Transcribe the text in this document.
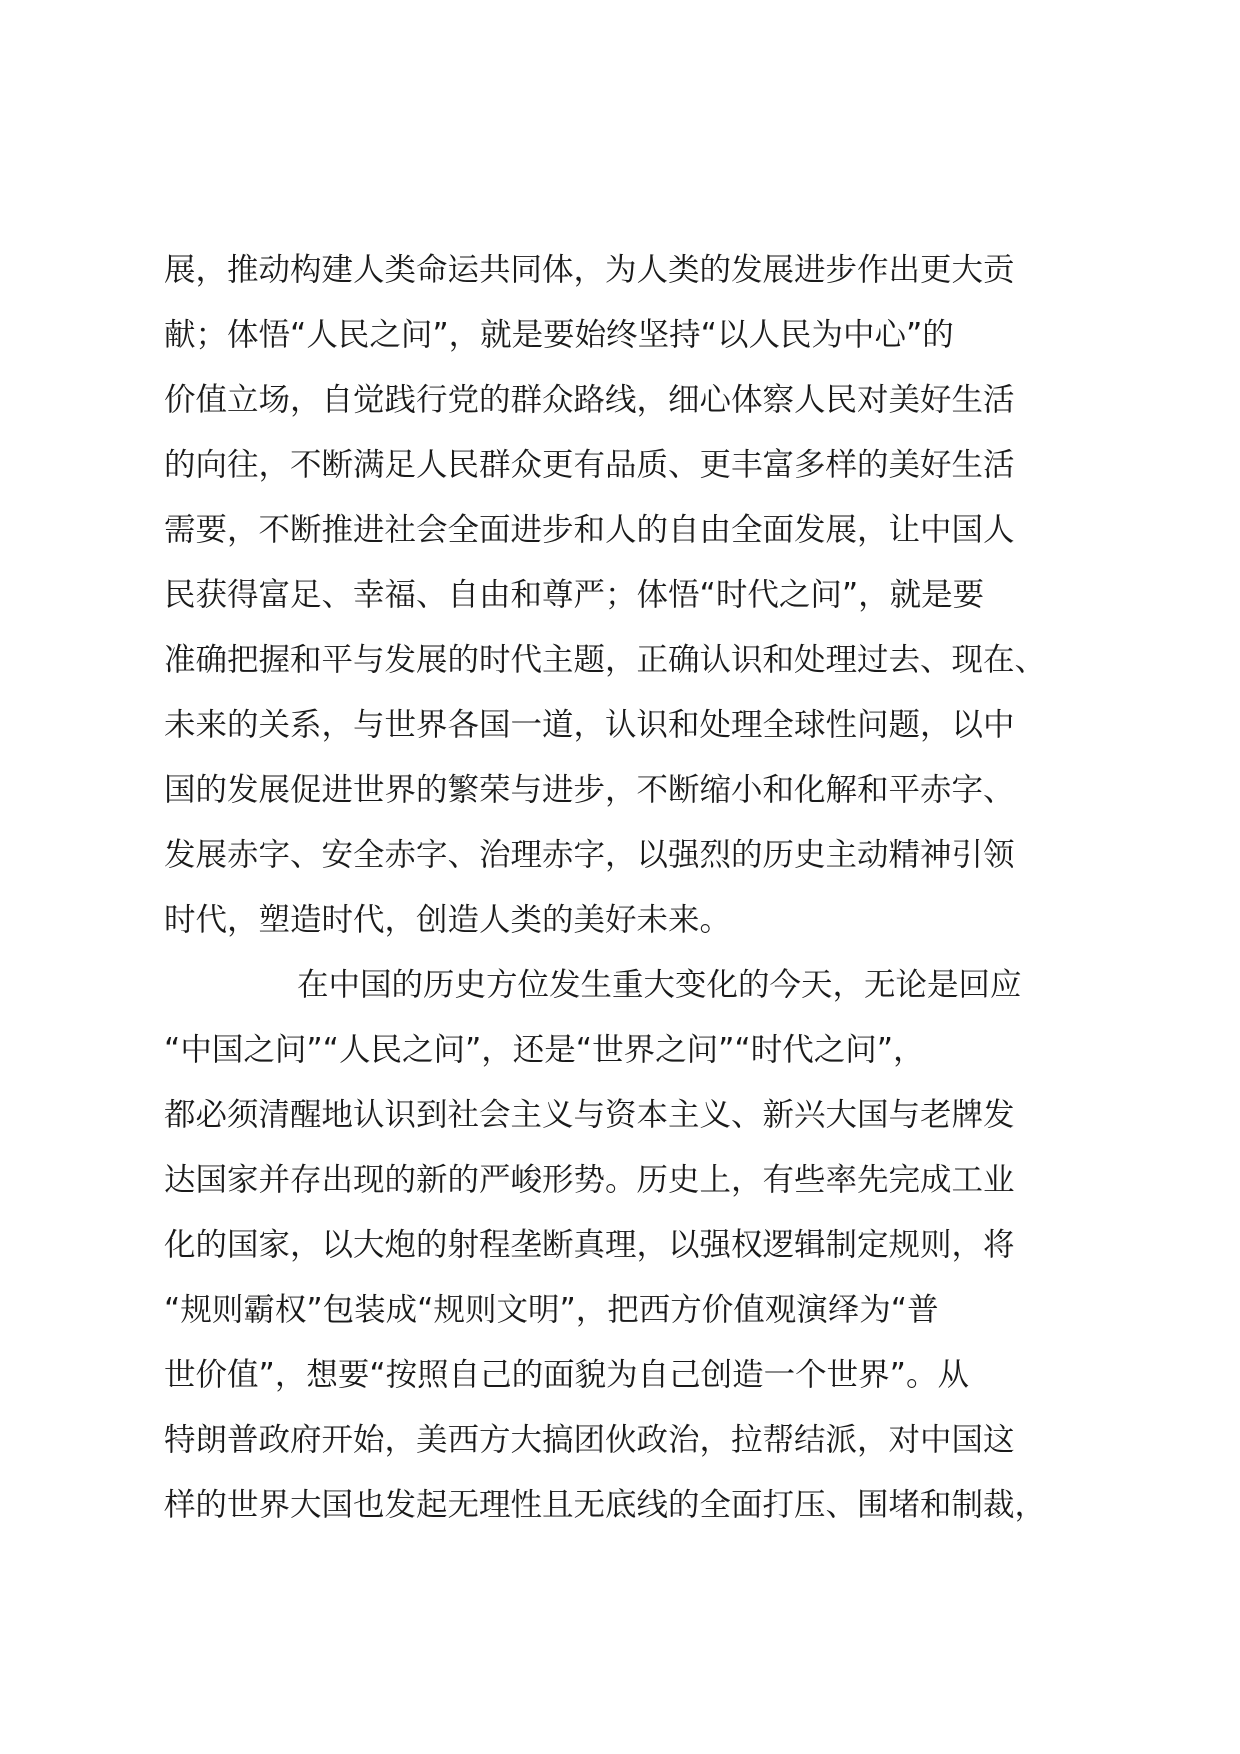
展，推动构建人类命运共同体，为人类的发展进步作出更大贡
献；体悟“人民之问”，就是要始终坚持“以人民为中心”的
价值立场，自觉践行党的群众路线，细心体察人民对美好生活
的向往，不断满足人民群众更有品质、更丰富多样的美好生活
需要，不断推进社会全面进步和人的自由全面发展，让中国人
民获得富足、幸福、自由和尊严；体悟“时代之问”，就是要
准确把握和平与发展的时代主题，正确认识和处理过去、现在、
未来的关系，与世界各国一道，认识和处理全球性问题，以中
国的发展促进世界的繁荣与进步，不断缩小和化解和平赤字、
发展赤字、安全赤字、治理赤字，以强烈的历史主动精神引领
时代，塑造时代，创造人类的美好未来。
在中国的历史方位发生重大变化的今天，无论是回应
“中国之问”“人民之问”，还是“世界之问”“时代之问”，
都必须清醒地认识到社会主义与资本主义、新兴大国与老牌发
达国家并存出现的新的严峻形势。历史上，有些率先完成工业
化的国家，以大炮的射程垄断真理，以强权逻辑制定规则，将
“规则霸权”包装成“规则文明”，把西方价值观演绎为“普
世价值”，想要“按照自己的面貌为自己创造一个世界”。从
特朗普政府开始，美西方大搞团伙政治，拉帮结派，对中国这
样的世界大国也发起无理性且无底线的全面打压、围堵和制裁，
